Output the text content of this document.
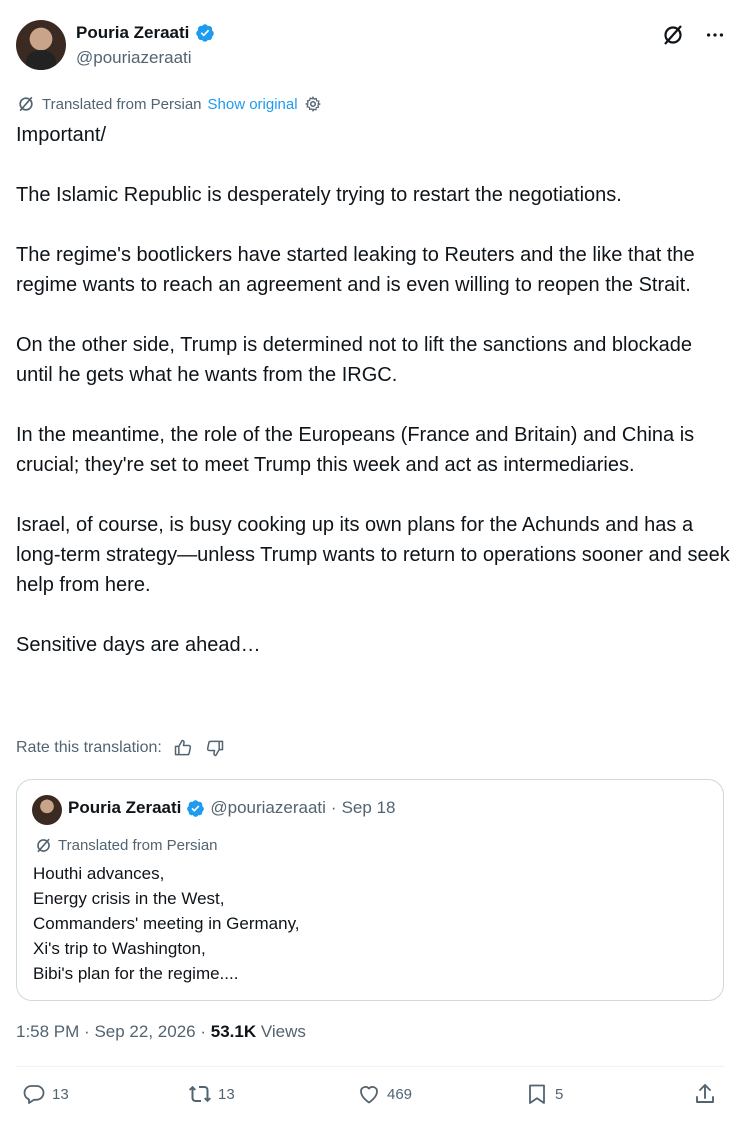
Pouria Zeraati
@pouriazeraati
Translated from Persian Show original

Important/

The Islamic Republic is desperately trying to restart the negotiations.

The regime's bootlickers have started leaking to Reuters and the like that the regime wants to reach an agreement and is even willing to reopen the Strait.

On the other side, Trump is determined not to lift the sanctions and blockade until he gets what he wants from the IRGC.

In the meantime, the role of the Europeans (France and Britain) and China is crucial; they're set to meet Trump this week and act as intermediaries.

Israel, of course, is busy cooking up its own plans for the Achunds and has a long-term strategy—unless Trump wants to return to operations sooner and seek help from here.

Sensitive days are ahead…

Rate this translation:
Pouria Zeraati @pouriazeraati · Sep 18
Translated from Persian
Houthi advances,
Energy crisis in the West,
Commanders' meeting in Germany,
Xi's trip to Washington,
Bibi's plan for the regime....
1:58 PM · Sep 22, 2026 · 53.1K Views
13	13	469	5
